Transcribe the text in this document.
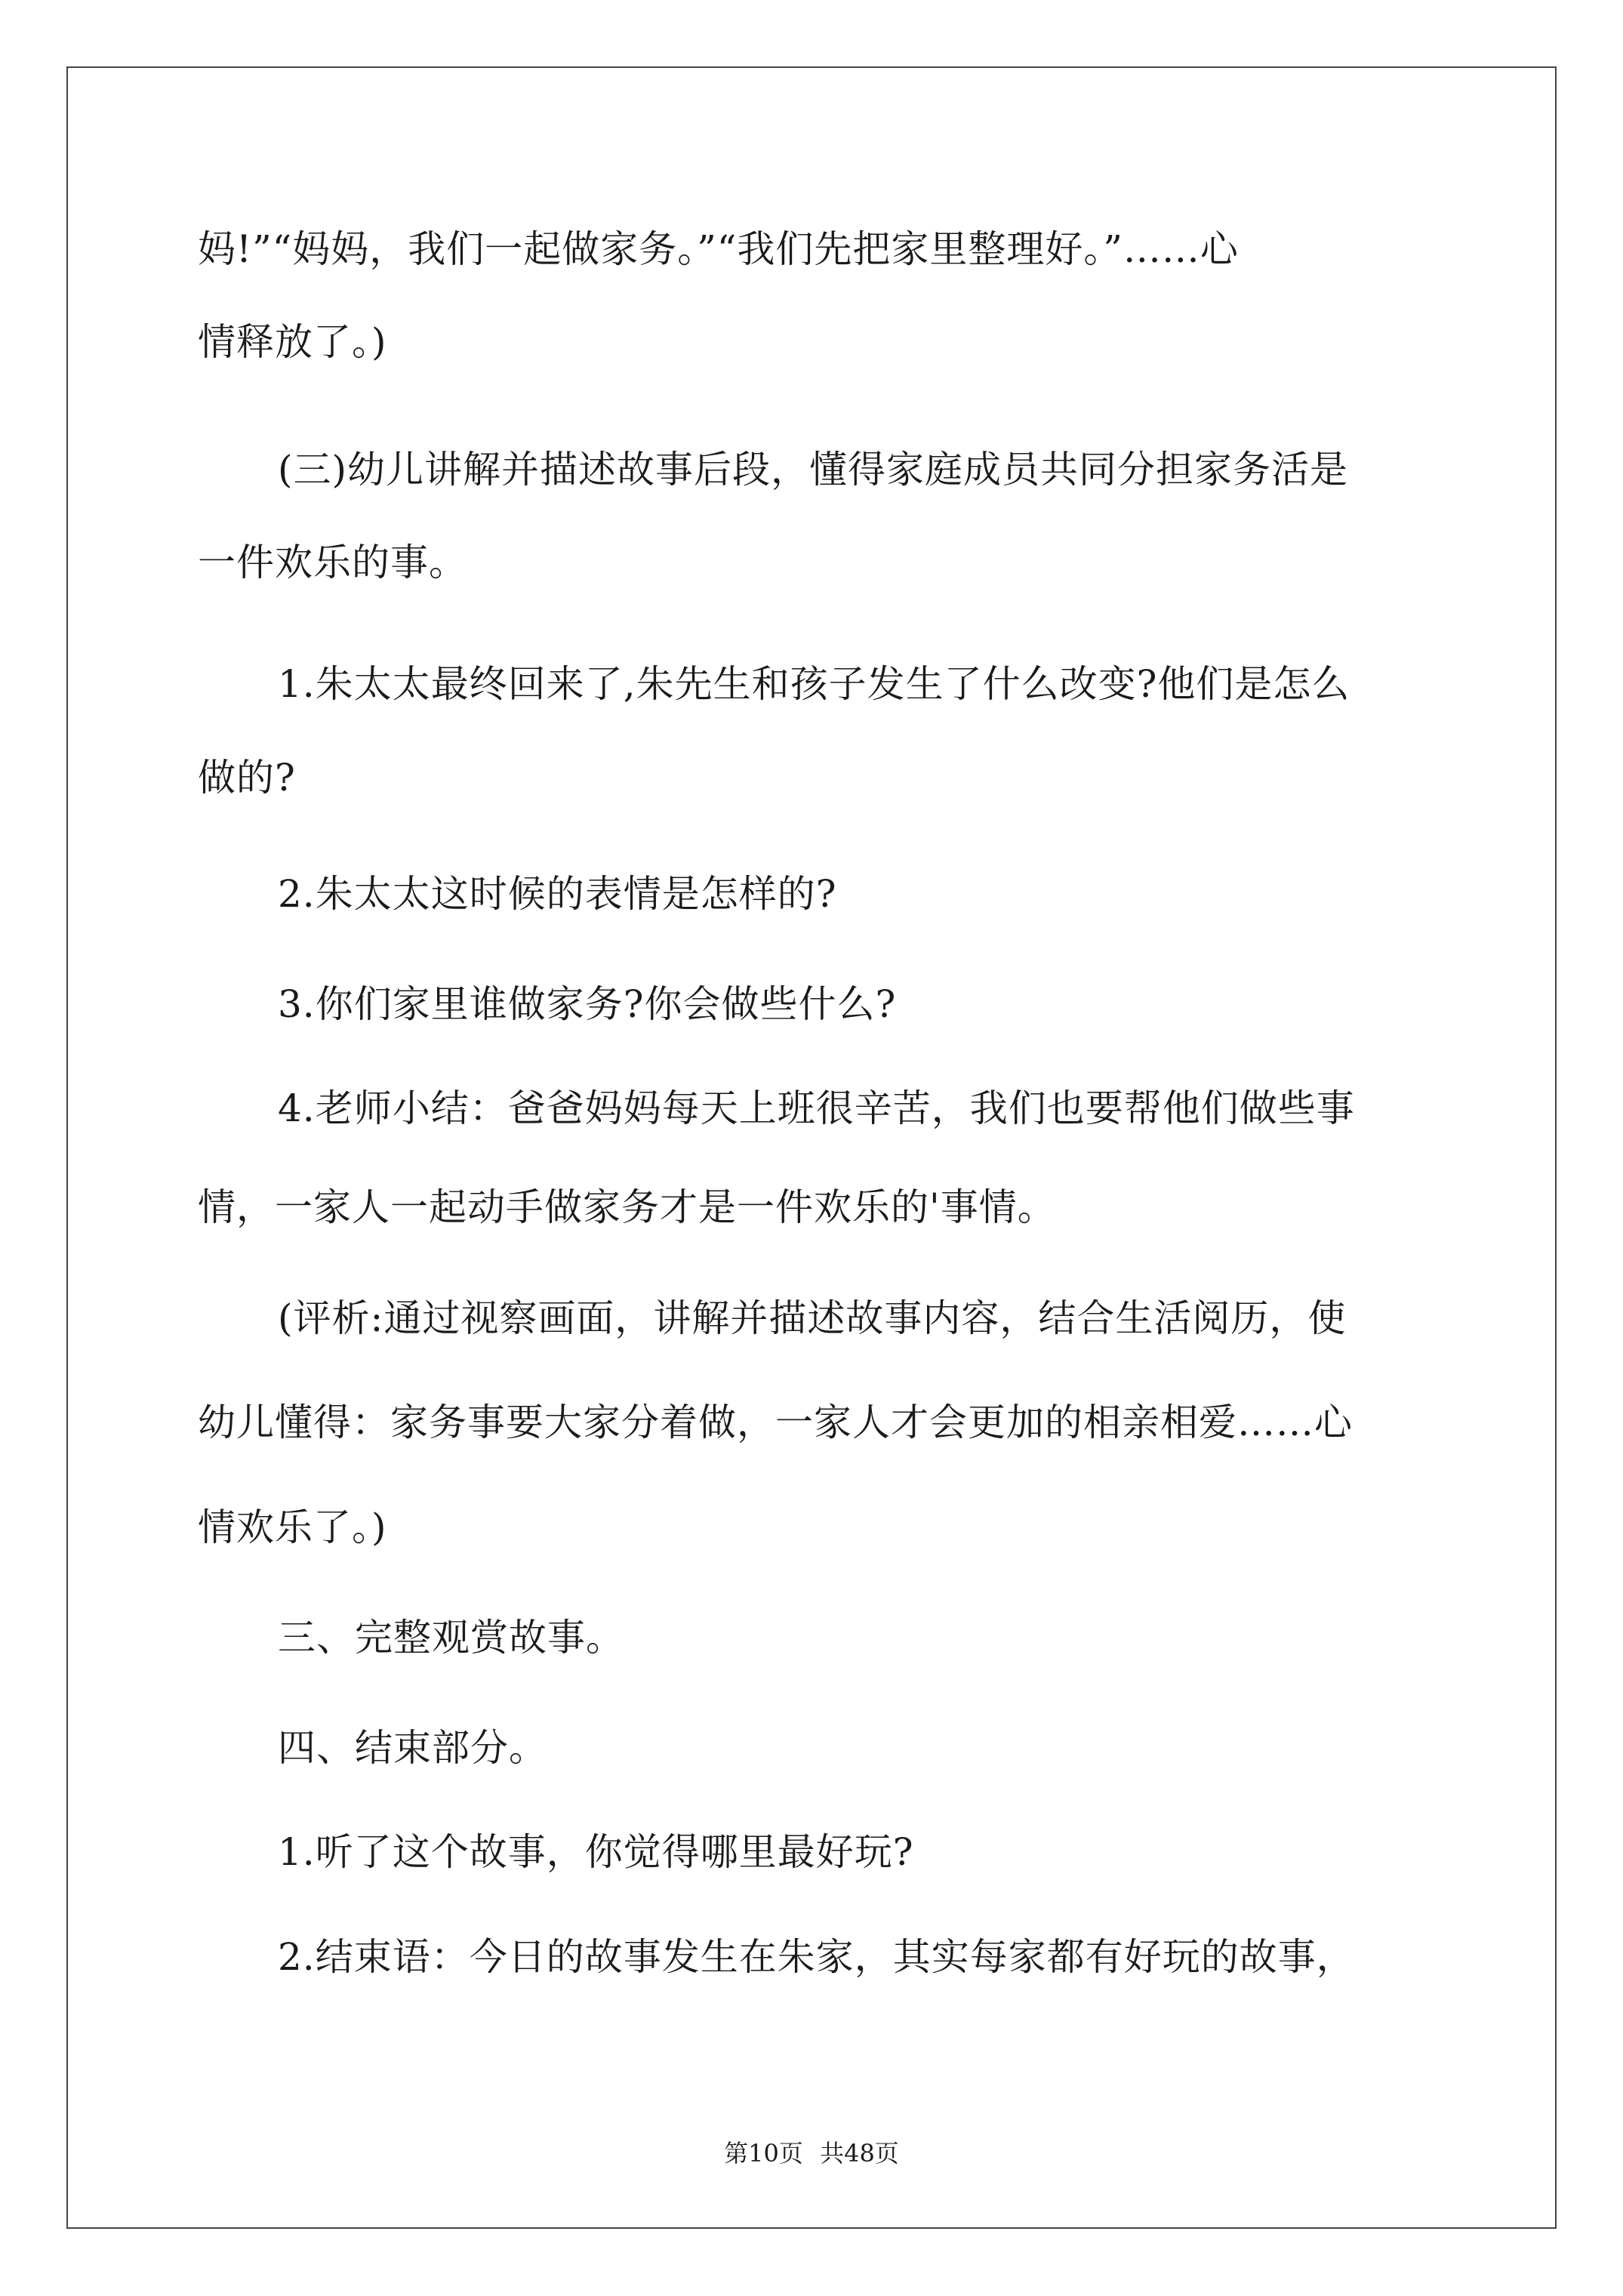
妈!”“妈妈，我们一起做家务。”“我们先把家里整理好。”……心
情释放了。)
(三)幼儿讲解并描述故事后段，懂得家庭成员共同分担家务活是
一件欢乐的事。
1.朱太太最终回来了,朱先生和孩子发生了什么改变?他们是怎么
做的?
2.朱太太这时候的表情是怎样的?
3.你们家里谁做家务?你会做些什么?
4.老师小结：爸爸妈妈每天上班很辛苦，我们也要帮他们做些事
情，一家人一起动手做家务才是一件欢乐的'事情。
(评析:通过视察画面，讲解并描述故事内容，结合生活阅历，使
幼儿懂得：家务事要大家分着做，一家人才会更加的相亲相爱……心
情欢乐了。)
三、完整观赏故事。
四、结束部分。
1.听了这个故事，你觉得哪里最好玩?
2.结束语：今日的故事发生在朱家，其实每家都有好玩的故事，
第10页 共48页
